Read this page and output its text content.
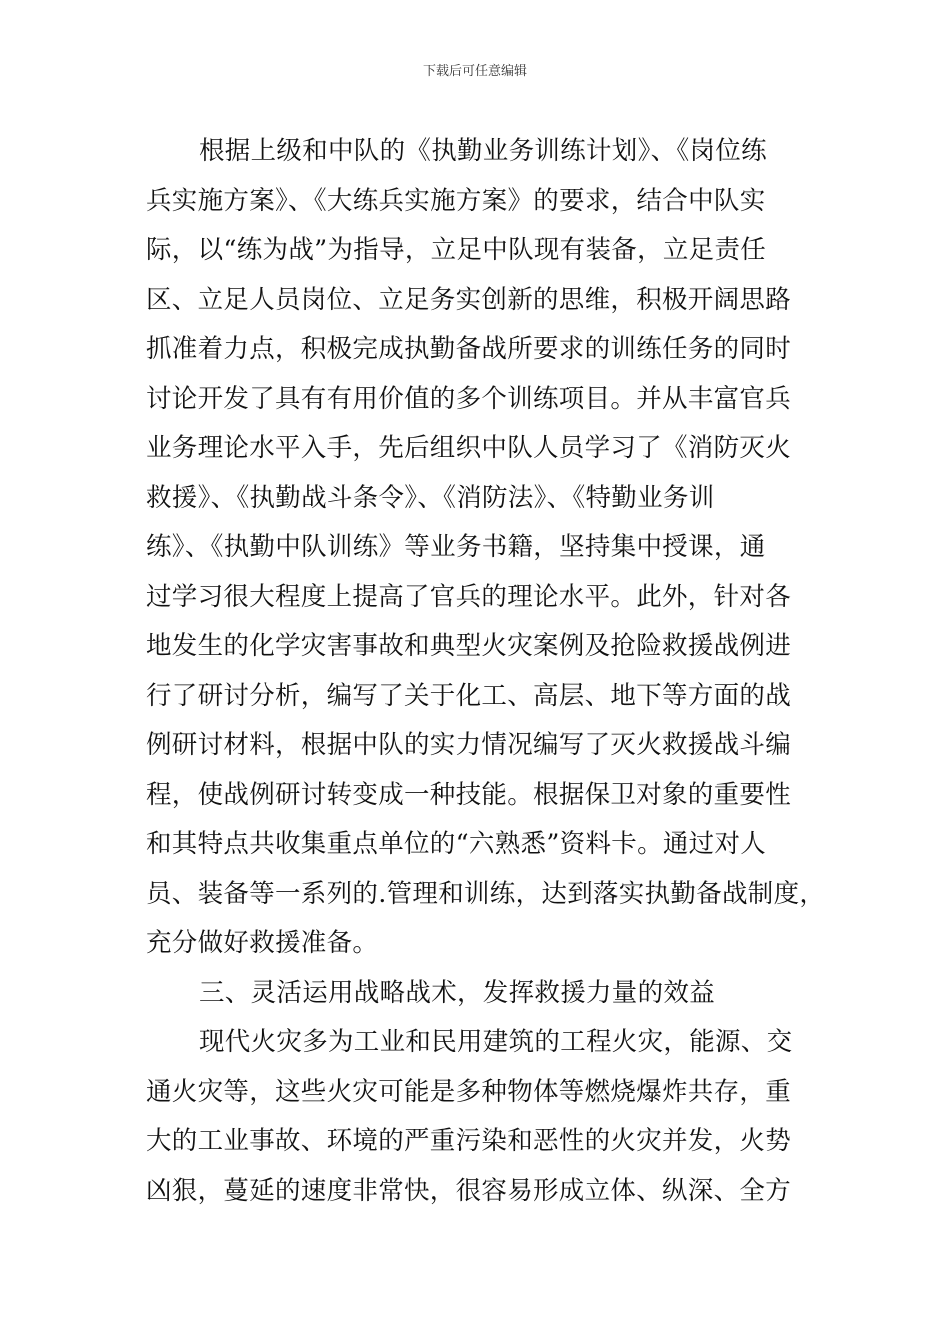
下载后可任意编辑
根据上级和中队的《执勤业务训练计划》、《岗位练
兵实施方案》、《大练兵实施方案》的要求，结合中队实
际，以“练为战”为指导，立足中队现有装备，立足责任
区、立足人员岗位、立足务实创新的思维，积极开阔思路
抓准着力点，积极完成执勤备战所要求的训练任务的同时
讨论开发了具有有用价值的多个训练项目。并从丰富官兵
业务理论水平入手，先后组织中队人员学习了《消防灭火
救援》、《执勤战斗条令》、《消防法》、《特勤业务训
练》、《执勤中队训练》等业务书籍，坚持集中授课，通
过学习很大程度上提高了官兵的理论水平。此外，针对各
地发生的化学灾害事故和典型火灾案例及抢险救援战例进
行了研讨分析，编写了关于化工、高层、地下等方面的战
例研讨材料，根据中队的实力情况编写了灭火救援战斗编
程，使战例研讨转变成一种技能。根据保卫对象的重要性
和其特点共收集重点单位的“六熟悉”资料卡。通过对人
员、装备等一系列的.管理和训练，达到落实执勤备战制度，
充分做好救援准备。
三、灵活运用战略战术，发挥救援力量的效益
现代火灾多为工业和民用建筑的工程火灾，能源、交
通火灾等，这些火灾可能是多种物体等燃烧爆炸共存，重
大的工业事故、环境的严重污染和恶性的火灾并发，火势
凶狠，蔓延的速度非常快，很容易形成立体、纵深、全方
